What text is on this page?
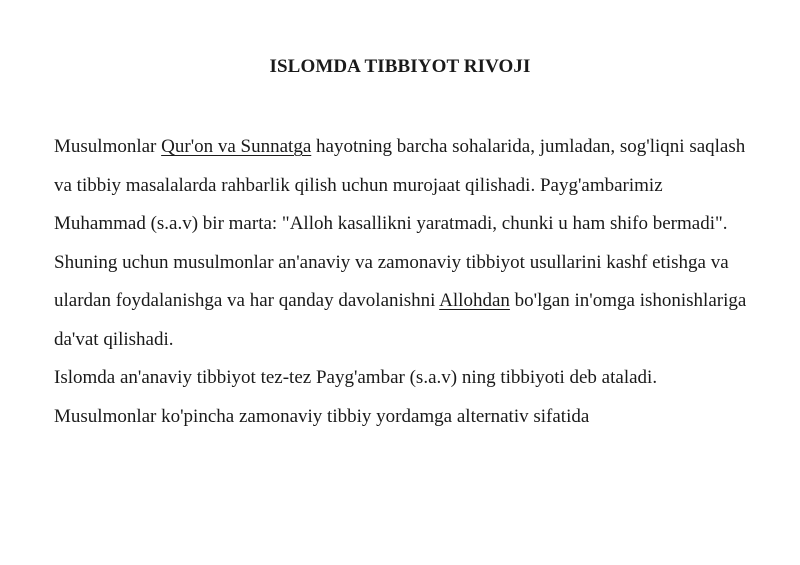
ISLOMDA TIBBIYOT RIVOJI

Musulmonlar Qur'on va Sunnatga hayotning barcha sohalarida, jumladan, sog'liqni saqlash va tibbiy masalalarda rahbarlik qilish uchun murojaat qilishadi. Payg'ambarimiz Muhammad (s.a.v) bir marta: "Alloh kasallikni yaratmadi, chunki u ham shifo bermadi". Shuning uchun musulmonlar an'anaviy va zamonaviy tibbiyot usullarini kashf etishga va ulardan foydalanishga va har qanday davolanishni Allohdan bo'lgan in'omga ishonishlariga da'vat qilishadi.

Islomda an'anaviy tibbiyot tez-tez Payg'ambar (s.a.v) ning tibbiyoti deb ataladi. Musulmonlar ko'pincha zamonaviy tibbiy yordamga alternativ sifatida
